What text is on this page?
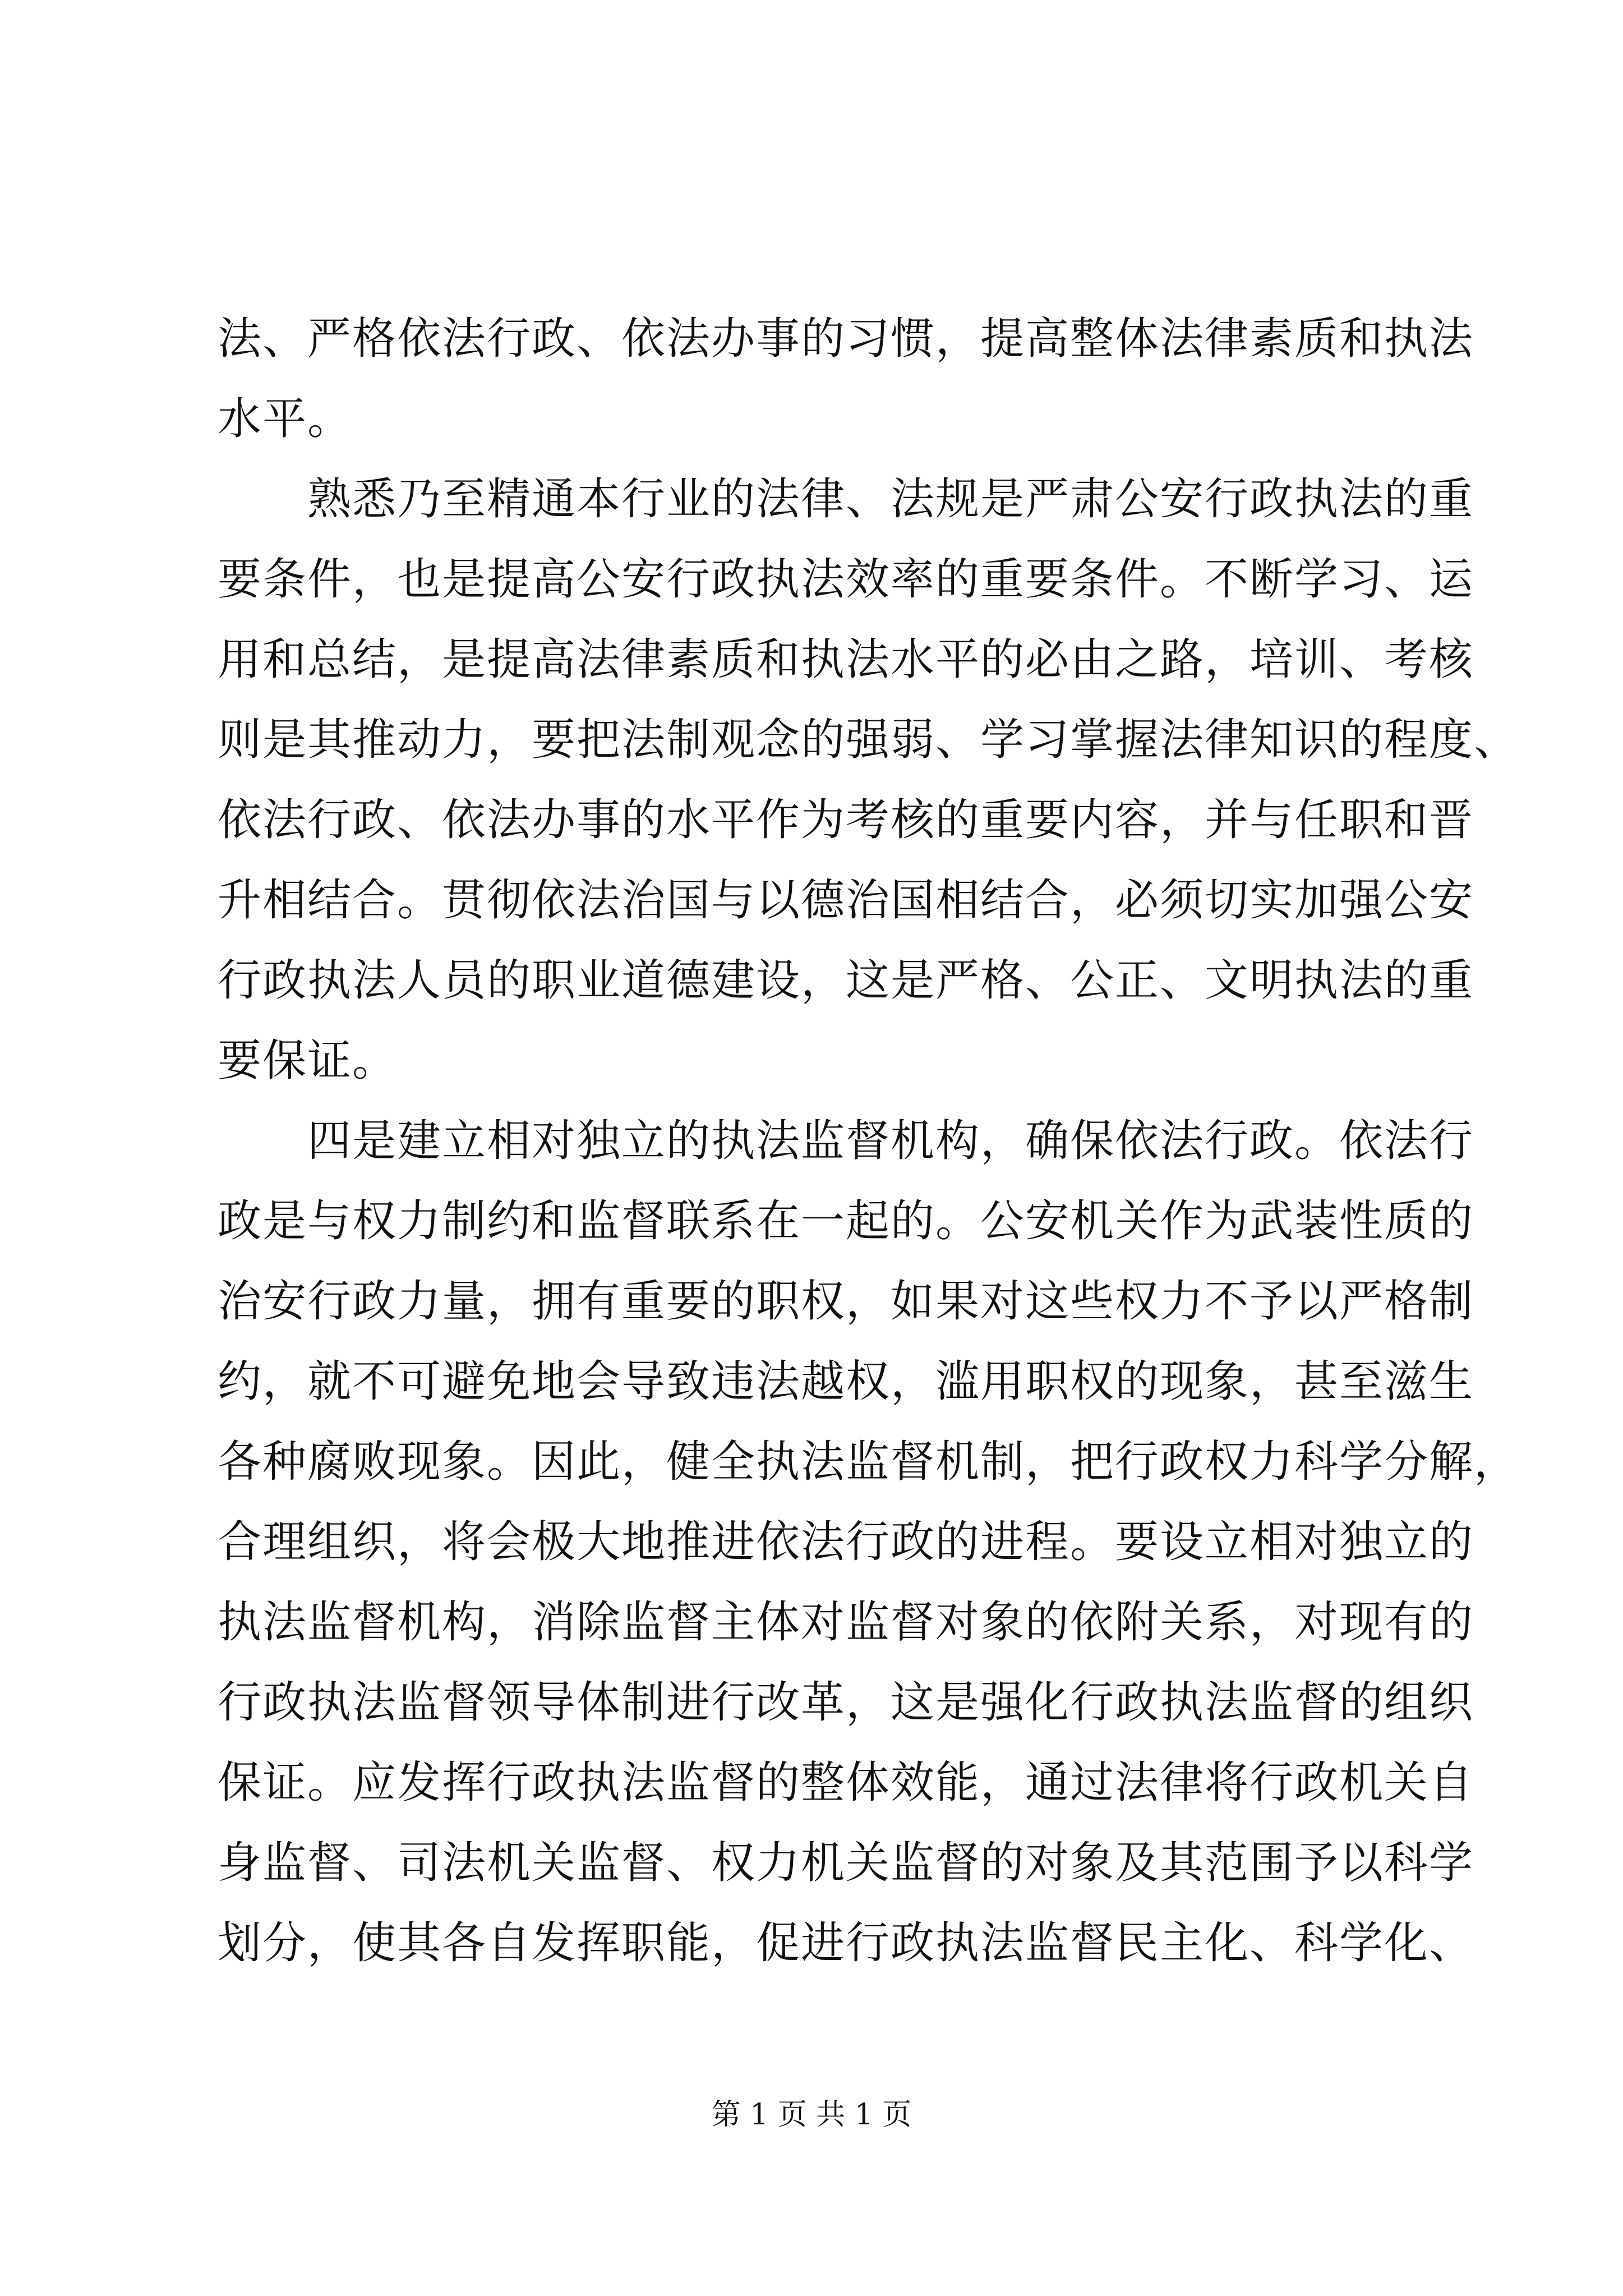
法、严格依法行政、依法办事的习惯，提高整体法律素质和执法
水平。
　　熟悉乃至精通本行业的法律、法规是严肃公安行政执法的重
要条件，也是提高公安行政执法效率的重要条件。不断学习、运
用和总结，是提高法律素质和执法水平的必由之路，培训、考核
则是其推动力，要把法制观念的强弱、学习掌握法律知识的程度、
依法行政、依法办事的水平作为考核的重要内容，并与任职和晋
升相结合。贯彻依法治国与以德治国相结合，必须切实加强公安
行政执法人员的职业道德建设，这是严格、公正、文明执法的重
要保证。
　　四是建立相对独立的执法监督机构，确保依法行政。依法行
政是与权力制约和监督联系在一起的。公安机关作为武装性质的
治安行政力量，拥有重要的职权，如果对这些权力不予以严格制
约，就不可避免地会导致违法越权，滥用职权的现象，甚至滋生
各种腐败现象。因此，健全执法监督机制，把行政权力科学分解，
合理组织，将会极大地推进依法行政的进程。要设立相对独立的
执法监督机构，消除监督主体对监督对象的依附关系，对现有的
行政执法监督领导体制进行改革，这是强化行政执法监督的组织
保证。应发挥行政执法监督的整体效能，通过法律将行政机关自
身监督、司法机关监督、权力机关监督的对象及其范围予以科学
划分，使其各自发挥职能，促进行政执法监督民主化、科学化、
第 1 页 共 1 页
